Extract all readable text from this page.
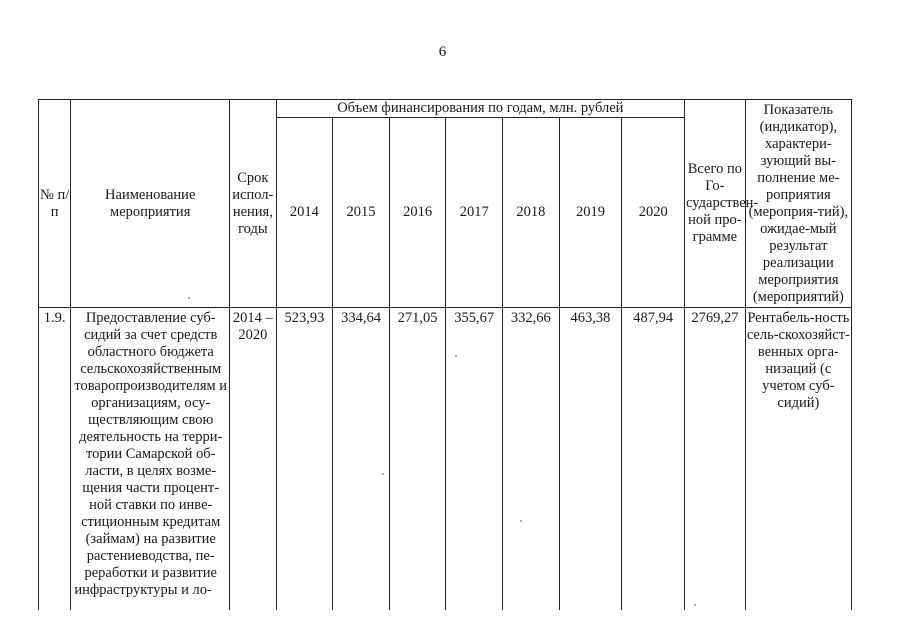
6
№ п/п	Наименование мероприятия	Срок испол-нения, годы	Объем финансирования по годам, млн. рублей							Всего по Го-сударствен-ной про-грамме	Показатель (индикатор), характери-зующий вы-полнение ме-роприятия (мероприя-тий), ожидае-мый результат реализации мероприятия (мероприятий)
			2014	2015	2016	2017	2018	2019	2020		
1.9.	Предоставление суб-сидий за счет средств областного бюджета сельскохозяйственным товаропроизводителям и организациям, осу-ществляющим свою деятельность на терри-тории Самарской об-ласти, в целях возме-щения части процент-ной ставки по инве-стиционным кредитам (займам) на развитие растениеводства, пе-реработки и развитие инфраструктуры и ло-	2014 – 2020	523,93	334,64	271,05	355,67	332,66	463,38	487,94	2769,27	Рентабель-ность сель-скохозяйст-венных орга-низаций (с учетом суб-сидий)
